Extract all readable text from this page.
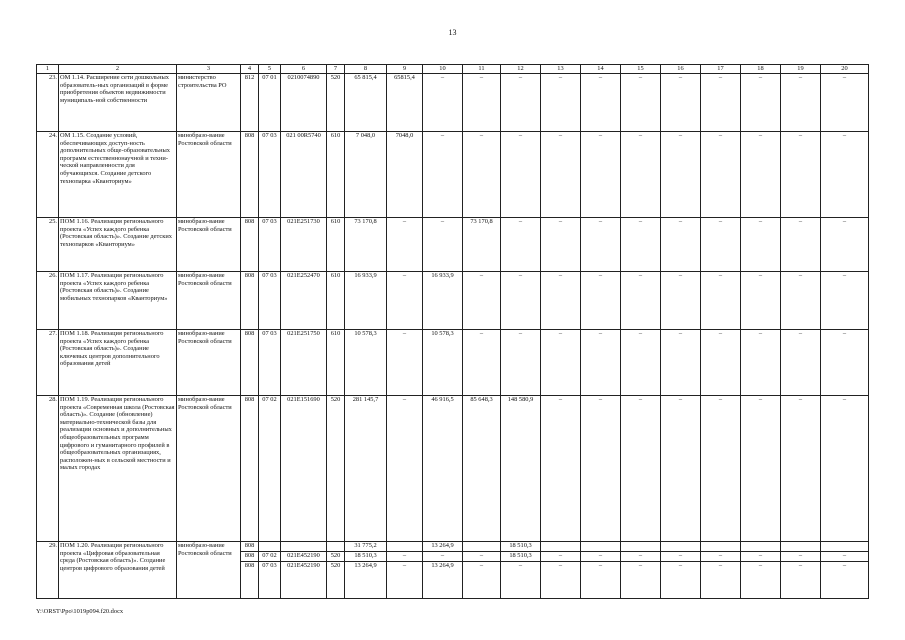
13
1	2	3	4	5	6	7	8	9	10	11	12	13	14	15	16	17	18	19	20
23.	ОМ 1.14. Расширение сети дошкольных образователь-ных организаций в форме приобретения объектов недвижимости муниципаль-ной собственности	министерство строительства РО	812	07 01	0210074890	520	65 815,4	65815,4	–	–	–	–	–	–	–	–	–	–	–
24.	ОМ 1.15. Создание условий, обеспечивающих доступ-ность дополнительных обще-образовательных программ естественнонаучной и техни-ческой направленности для обучающихся. Создание детского технопарка «Кванториум»	минобразо-вание Ростовской области	808	07 03	021 00R5740	610	7 048,0	7048,0	–	–	–	–	–	–	–	–	–	–	–
25.	ПОМ 1.16. Реализация регионального проекта «Успех каждого ребенка (Ростовская область)». Создание детских технопарков «Кванториум»	минобразо-вание Ростовской области	808	07 03	021E251730	610	73 170,8	–	–	73 170,8	–	–	–	–	–	–	–	–	–
26.	ПОМ 1.17. Реализация регионального проекта «Успех каждого ребенка (Ростовская область)». Создание мобильных технопарков «Кванториум»	минобразо-вание Ростовской области	808	07 03	021E252470	610	16 933,9	–	16 933,9	–	–	–	–	–	–	–	–	–	–
27.	ПОМ 1.18. Реализация регионального проекта «Успех каждого ребенка (Ростовская область)». Создание ключевых центров дополнительного образования детей	минобразо-вание Ростовской области	808	07 03	021E251750	610	10 578,3	–	10 578,3	–	–	–	–	–	–	–	–	–	–
28.	ПОМ 1.19. Реализация регионального проекта «Современная школа (Ростовская область)». Создание (обновление) материально-технической базы для реализации основных и дополнительных общеобразовательных программ цифрового и гуманитарного профилей в общеобразовательных организациях, расположен-ных в сельской местности и малых городах	минобразо-вание Ростовской области	808	07 02	021E151690	520	281 145,7	–	46 916,5	85 648,3	148 580,9	–	–	–	–	–	–	–	–
29.	ПОМ 1.20. Реализация регионального проекта «Цифровая образовательная среда (Ростовская область)». Создание центров цифрового образования детей	минобразо-вание Ростовской области	808				31 775,2		13 264,9		18 510,3								
			808	07 02	021E452190	520	18 510,3	–	–	–	18 510,3	–	–	–	–	–	–	–	–
			808	07 03	021E452190	520	13 264,9	–	13 264,9	–	–	–	–	–	–	–	–	–	–
Y:\ORST\Ppo\1019p094.f20.docx
